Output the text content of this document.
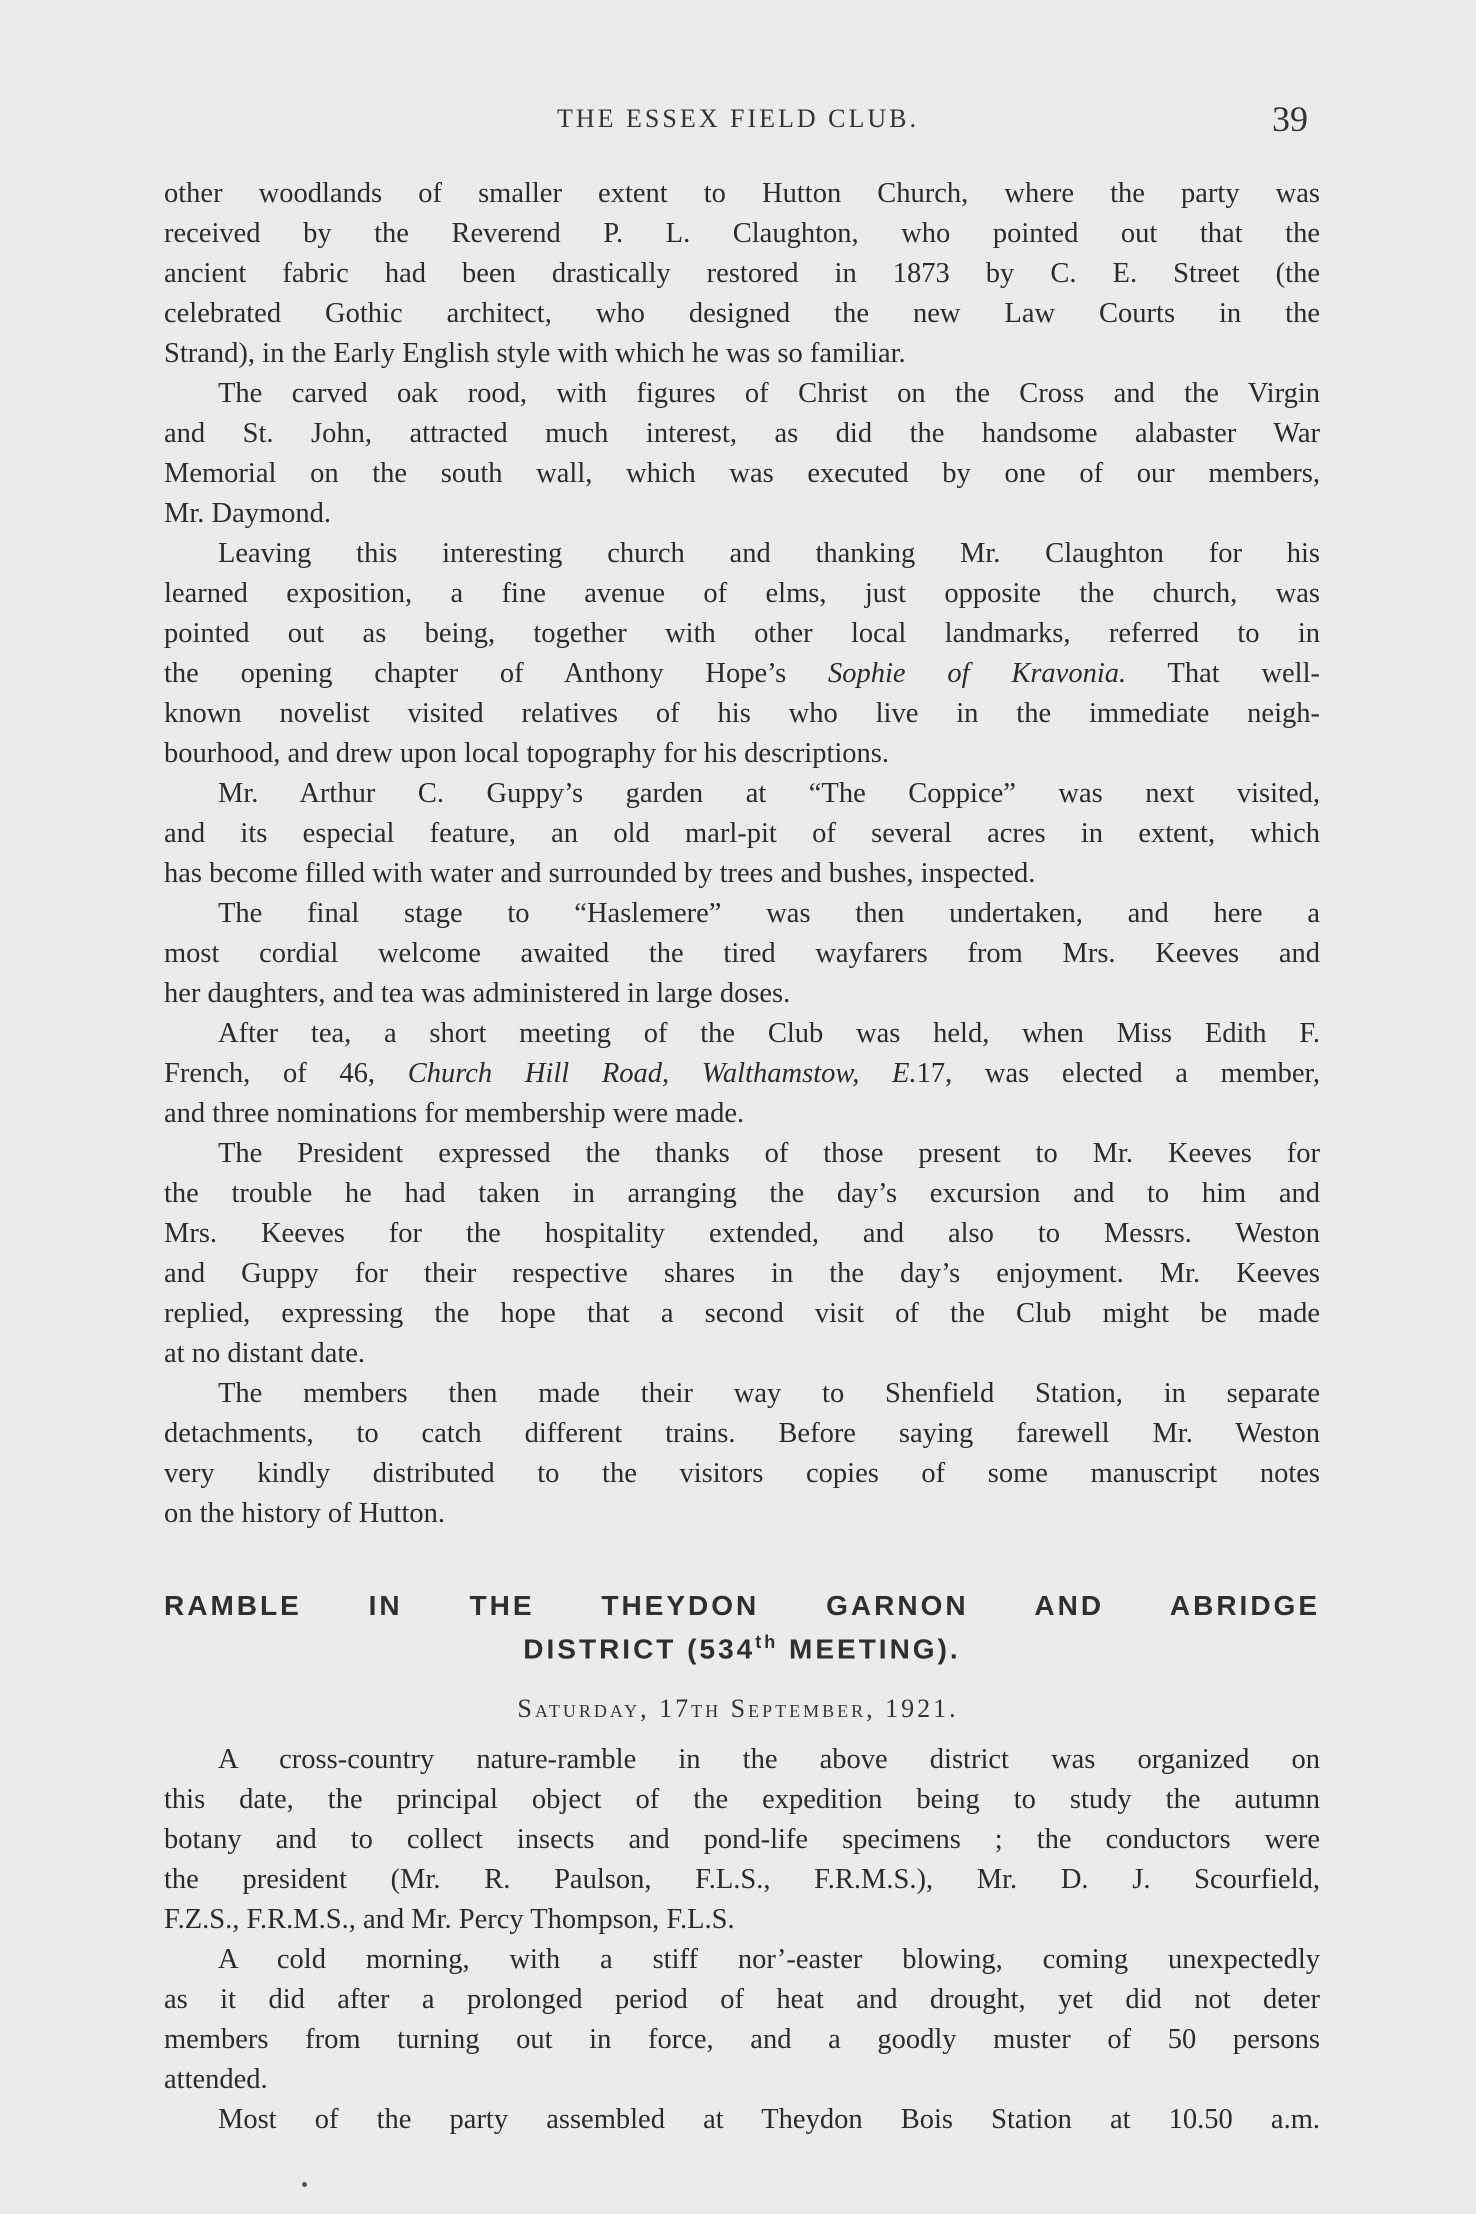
THE ESSEX FIELD CLUB.	39
other woodlands of smaller extent to Hutton Church, where the party was
received by the Reverend P. L. Claughton, who pointed out that the
ancient fabric had been drastically restored in 1873 by C. E. Street (the
celebrated Gothic architect, who designed the new Law Courts in the
Strand), in the Early English style with which he was so familiar.
The carved oak rood, with figures of Christ on the Cross and the Virgin
and St. John, attracted much interest, as did the handsome alabaster War
Memorial on the south wall, which was executed by one of our members,
Mr. Daymond.
Leaving this interesting church and thanking Mr. Claughton for his
learned exposition, a fine avenue of elms, just opposite the church, was
pointed out as being, together with other local landmarks, referred to in
the opening chapter of Anthony Hope’s Sophie of Kravonia. That well-
known novelist visited relatives of his who live in the immediate neigh-
bourhood, and drew upon local topography for his descriptions.
Mr. Arthur C. Guppy’s garden at “The Coppice” was next visited,
and its especial feature, an old marl-pit of several acres in extent, which
has become filled with water and surrounded by trees and bushes, inspected.
The final stage to “Haslemere” was then undertaken, and here a
most cordial welcome awaited the tired wayfarers from Mrs. Keeves and
her daughters, and tea was administered in large doses.
After tea, a short meeting of the Club was held, when Miss Edith F.
French, of 46, Church Hill Road, Walthamstow, E.17, was elected a member,
and three nominations for membership were made.
The President expressed the thanks of those present to Mr. Keeves for
the trouble he had taken in arranging the day’s excursion and to him and
Mrs. Keeves for the hospitality extended, and also to Messrs. Weston
and Guppy for their respective shares in the day’s enjoyment. Mr. Keeves
replied, expressing the hope that a second visit of the Club might be made
at no distant date.
The members then made their way to Shenfield Station, in separate
detachments, to catch different trains. Before saying farewell Mr. Weston
very kindly distributed to the visitors copies of some manuscript notes
on the history of Hutton.
RAMBLE IN THE THEYDON GARNON AND ABRIDGE
DISTRICT (534th MEETING).
Saturday, 17th September, 1921.
A cross-country nature-ramble in the above district was organized on
this date, the principal object of the expedition being to study the autumn
botany and to collect insects and pond-life specimens ; the conductors were
the president (Mr. R. Paulson, F.L.S., F.R.M.S.), Mr. D. J. Scourfield,
F.Z.S., F.R.M.S., and Mr. Percy Thompson, F.L.S.
A cold morning, with a stiff nor’-easter blowing, coming unexpectedly
as it did after a prolonged period of heat and drought, yet did not deter
members from turning out in force, and a goodly muster of 50 persons
attended.
Most of the party assembled at Theydon Bois Station at 10.50 a.m.
